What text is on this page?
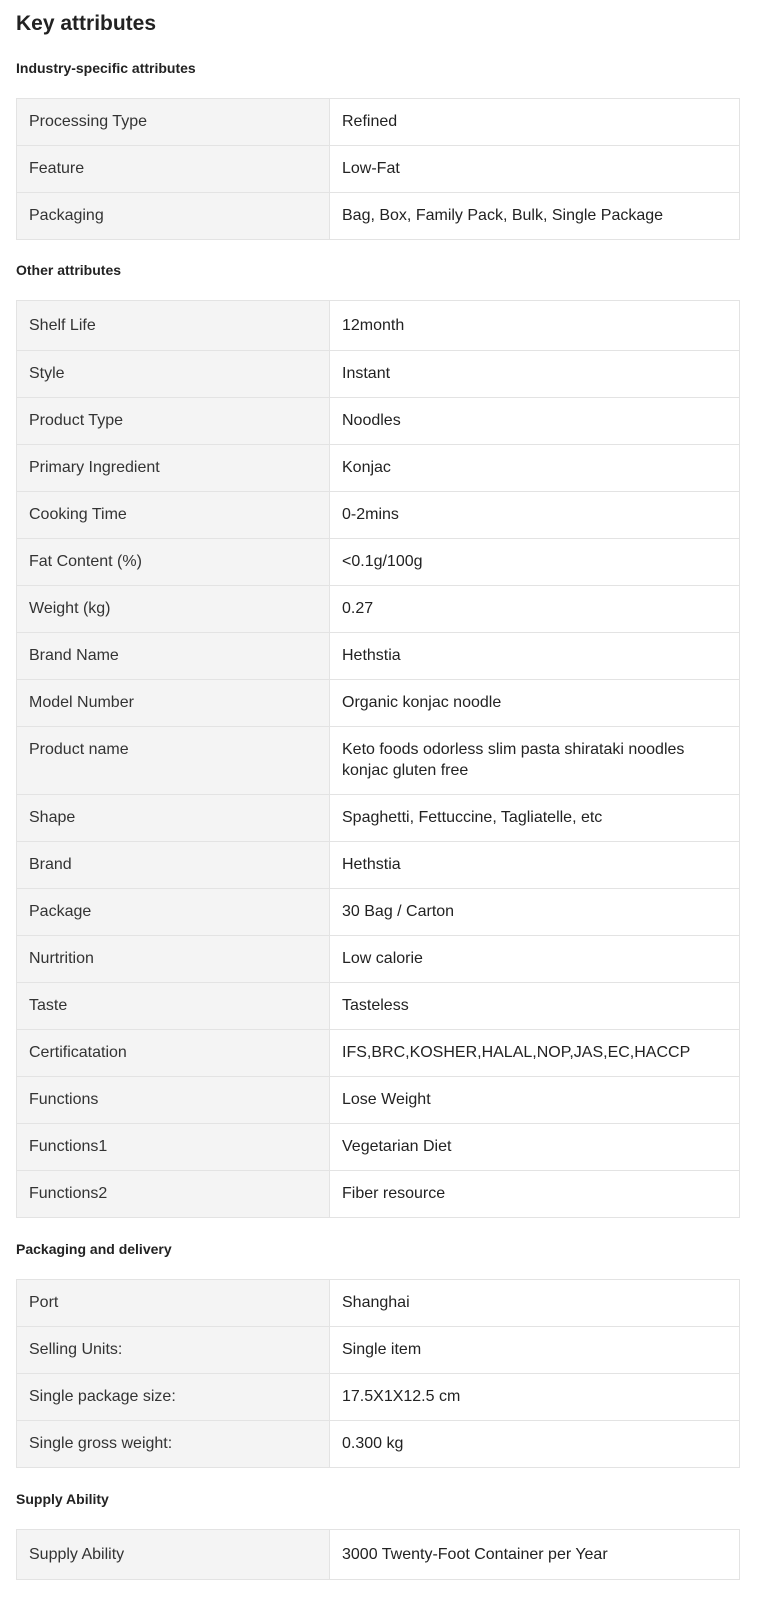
Key attributes
Industry-specific attributes
Processing Type	Refined
Feature	Low-Fat
Packaging	Bag, Box, Family Pack, Bulk, Single Package
Other attributes
Shelf Life	12month
Style	Instant
Product Type	Noodles
Primary Ingredient	Konjac
Cooking Time	0-2mins
Fat Content (%)	<0.1g/100g
Weight (kg)	0.27
Brand Name	Hethstia
Model Number	Organic konjac noodle
Product name	Keto foods odorless slim pasta shirataki noodles konjac gluten free
Shape	Spaghetti, Fettuccine, Tagliatelle, etc
Brand	Hethstia
Package	30 Bag / Carton
Nurtrition	Low calorie
Taste	Tasteless
Certificatation	IFS,BRC,KOSHER,HALAL,NOP,JAS,EC,HACCP
Functions	Lose Weight
Functions1	Vegetarian Diet
Functions2	Fiber resource
Packaging and delivery
Port	Shanghai
Selling Units:	Single item
Single package size:	17.5X1X12.5 cm
Single gross weight:	0.300 kg
Supply Ability
Supply Ability	3000 Twenty-Foot Container per Year
